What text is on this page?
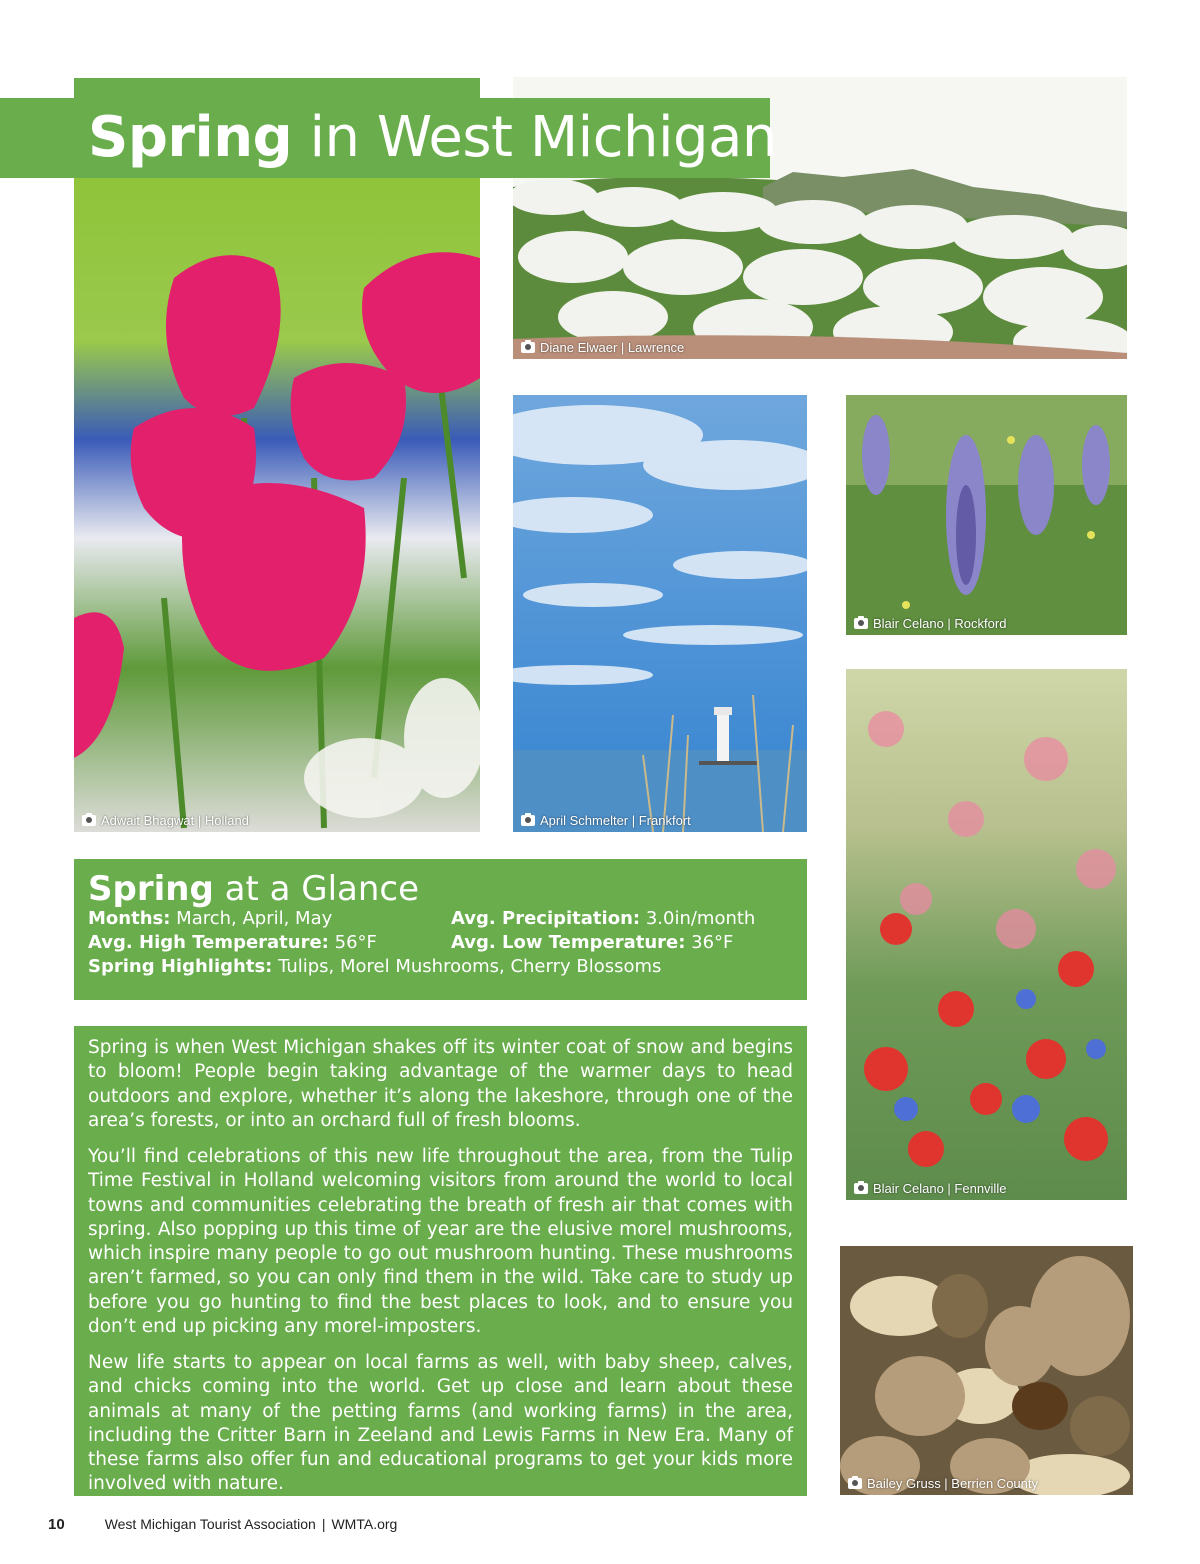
Adwait Bhagwat | Holland
Diane Elwaer | Lawrence
Spring in West Michigan
April Schmelter | Frankfort
Blair Celano | Rockford
Blair Celano | Fennville
Bailey Gruss | Berrien County
Spring at a Glance
Months: March, April, May	Avg. Precipitation: 3.0in/month
Avg. High Temperature: 56°F	Avg. Low Temperature: 36°F
Spring Highlights: Tulips, Morel Mushrooms, Cherry Blossoms

Spring is when West Michigan shakes off its winter coat of snow and begins to bloom! People begin taking advantage of the warmer days to head outdoors and explore, whether it’s along the lakeshore, through one of the area’s forests, or into an orchard full of fresh blooms.

You’ll find celebrations of this new life throughout the area, from the Tulip Time Festival in Holland welcoming visitors from around the world to local towns and communities celebrating the breath of fresh air that comes with spring. Also popping up this time of year are the elusive morel mushrooms, which inspire many people to go out mushroom hunting. These mushrooms aren’t farmed, so you can only find them in the wild. Take care to study up before you go hunting to find the best places to look, and to ensure you don’t end up picking any morel-imposters.

New life starts to appear on local farms as well, with baby sheep, calves, and chicks coming into the world. Get up close and learn about these animals at many of the petting farms (and working farms) in the area, including the Critter Barn in Zeeland and Lewis Farms in New Era. Many of these farms also offer fun and educational programs to get your kids more involved with nature.

10	West Michigan Tourist Association | WMTA.org
